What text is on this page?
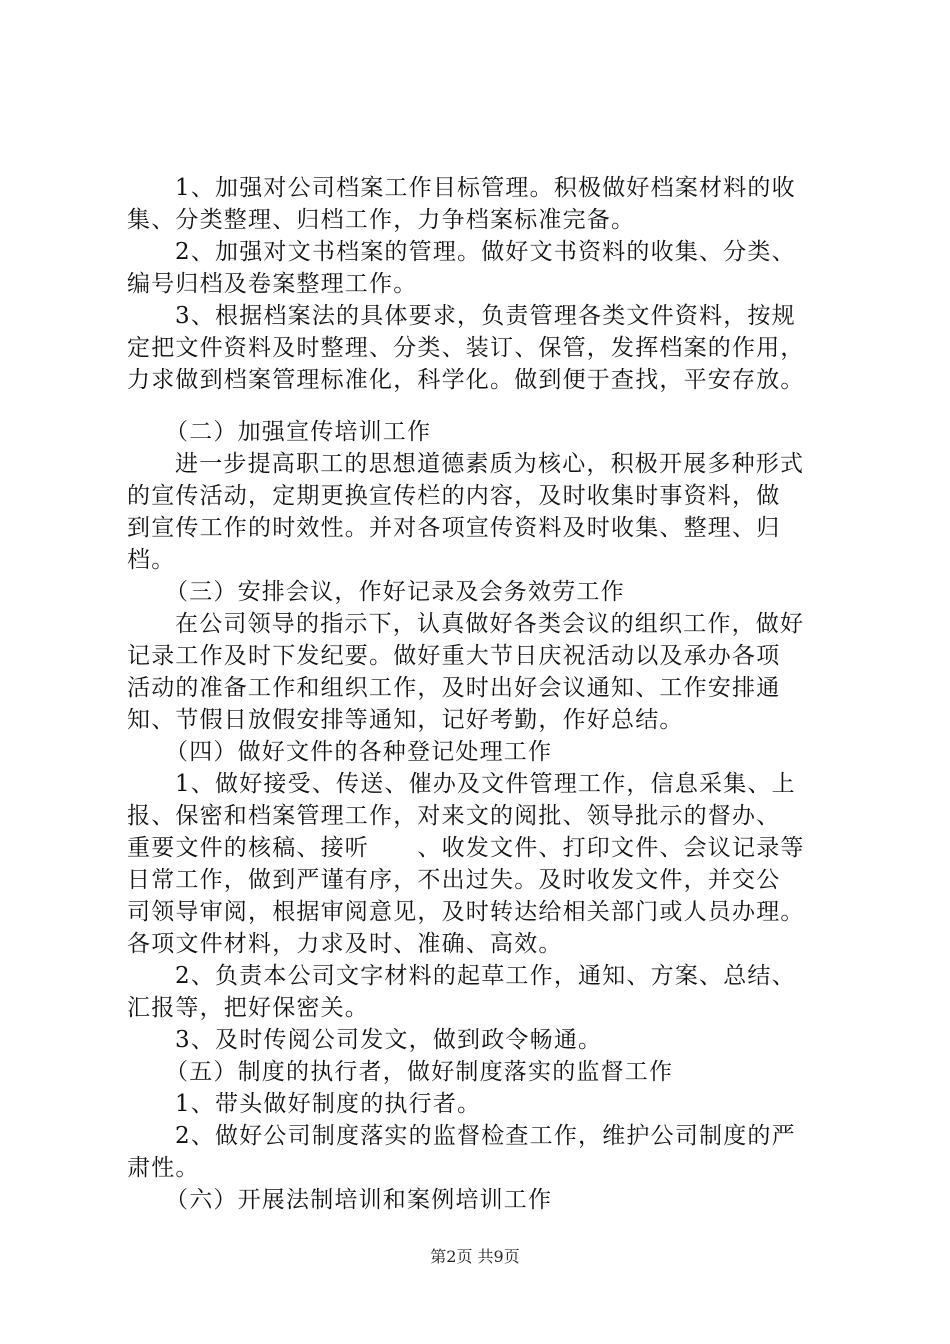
1、加强对公司档案工作目标管理。积极做好档案材料的收
集、分类整理、归档工作，力争档案标准完备。
2、加强对文书档案的管理。做好文书资料的收集、分类、
编号归档及卷案整理工作。
3、根据档案法的具体要求，负责管理各类文件资料，按规
定把文件资料及时整理、分类、装订、保管，发挥档案的作用，
力求做到档案管理标准化，科学化。做到便于查找，平安存放。
（二）加强宣传培训工作
进一步提高职工的思想道德素质为核心，积极开展多种形式
的宣传活动，定期更换宣传栏的内容，及时收集时事资料，做
到宣传工作的时效性。并对各项宣传资料及时收集、整理、归
档。
（三）安排会议，作好记录及会务效劳工作
在公司领导的指示下，认真做好各类会议的组织工作，做好
记录工作及时下发纪要。做好重大节日庆祝活动以及承办各项
活动的准备工作和组织工作，及时出好会议通知、工作安排通
知、节假日放假安排等通知，记好考勤，作好总结。
（四）做好文件的各种登记处理工作
1、做好接受、传送、催办及文件管理工作，信息采集、上
报、保密和档案管理工作，对来文的阅批、领导批示的督办、
重要文件的核稿、接听　　、收发文件、打印文件、会议记录等
日常工作，做到严谨有序，不出过失。及时收发文件，并交公
司领导审阅，根据审阅意见，及时转达给相关部门或人员办理。
各项文件材料，力求及时、准确、高效。
2、负责本公司文字材料的起草工作，通知、方案、总结、
汇报等，把好保密关。
3、及时传阅公司发文，做到政令畅通。
（五）制度的执行者，做好制度落实的监督工作
1、带头做好制度的执行者。
2、做好公司制度落实的监督检查工作，维护公司制度的严
肃性。
（六）开展法制培训和案例培训工作
第2页 共9页
